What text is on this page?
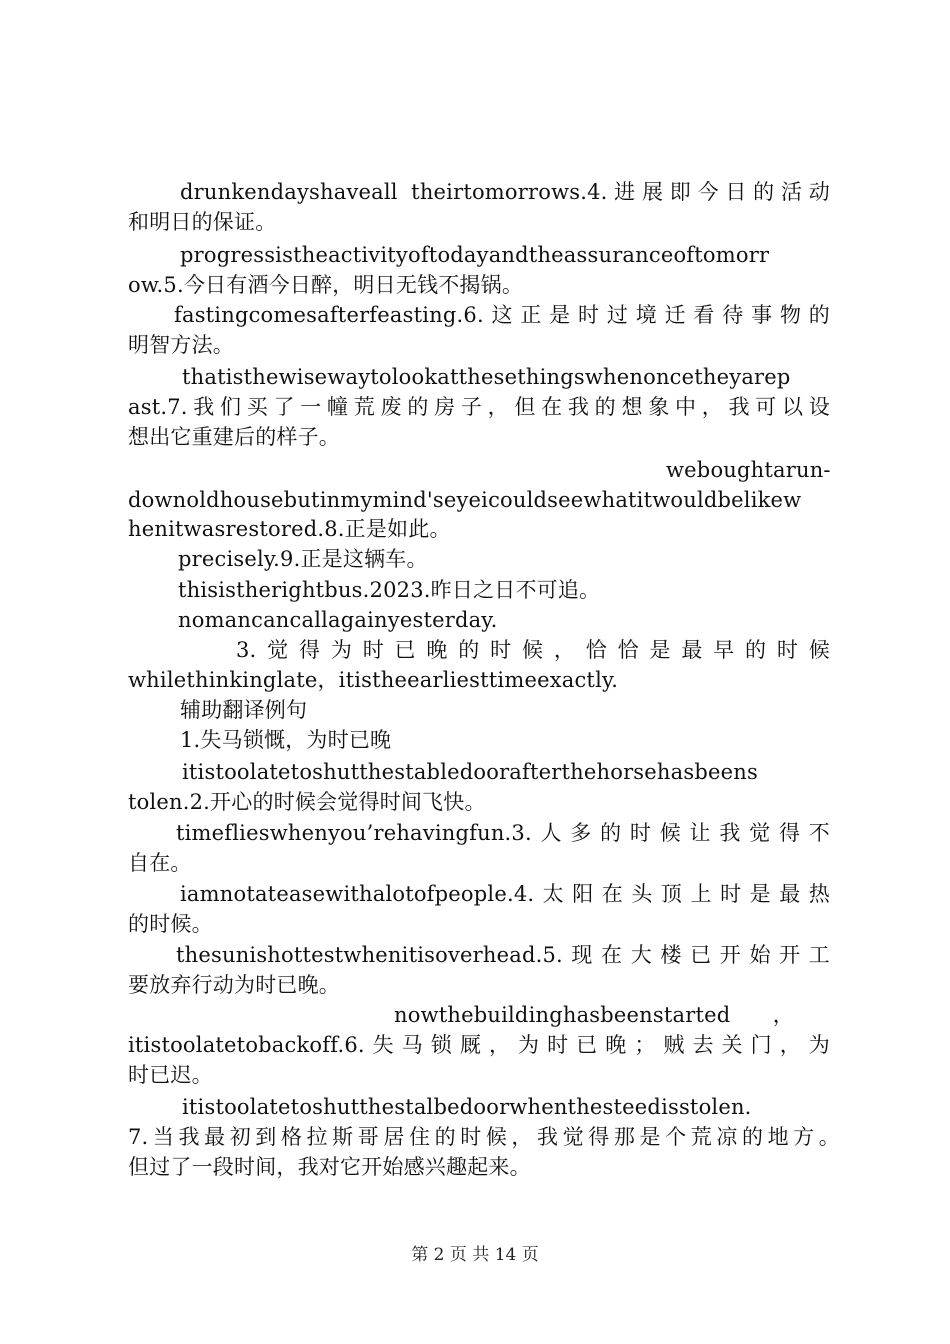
drunkendayshaveall theirtomorrows.4.进展即今日的活动
和明日的保证。
progressistheactivityoftodayandtheassuranceoftomorr
ow.5.今日有酒今日醉，明日无钱不揭锅。
fastingcomesafterfeasting.6.这正是时过境迁看待事物的
明智方法。
thatisthewisewaytolookatthesethingswhenoncetheyarep
ast.7.我们买了一幢荒废的房子，但在我的想象中，我可以设
想出它重建后的样子。
weboughtarun-
downoldhousebutinmymind'seyeicouldseewhatitwouldbelikew
henitwasrestored.8.正是如此。
precisely.9.正是这辆车。
thisistherightbus.2023.昨日之日不可追。
nomancancallagainyesterday.
3.觉得为时已晚的时候，恰恰是最早的时候
whilethinkinglate，itistheearliesttimeexactly.
辅助翻译例句
1.失马锁慨，为时已晚
itistoolatetoshutthestabledoorafterthehorsehasbeens
tolen.2.开心的时候会觉得时间飞快。
timeflieswhenyou’rehavingfun.3.人多的时候让我觉得不
自在。
iamnotateasewithalotofpeople.4.太阳在头顶上时是最热
的时候。
thesunishottestwhenitisoverhead.5.现在大楼已开始开工
要放弃行动为时已晚。
nowthebuildinghasbeenstarted　　，
itistoolatetobackoff.6.失马锁厩，为时已晚；贼去关门，为
时已迟。
itistoolatetoshutthestalbedoorwhenthesteedisstolen.
7.当我最初到格拉斯哥居住的时候，我觉得那是个荒凉的地方。
但过了一段时间，我对它开始感兴趣起来。
第 2 页 共 14 页
